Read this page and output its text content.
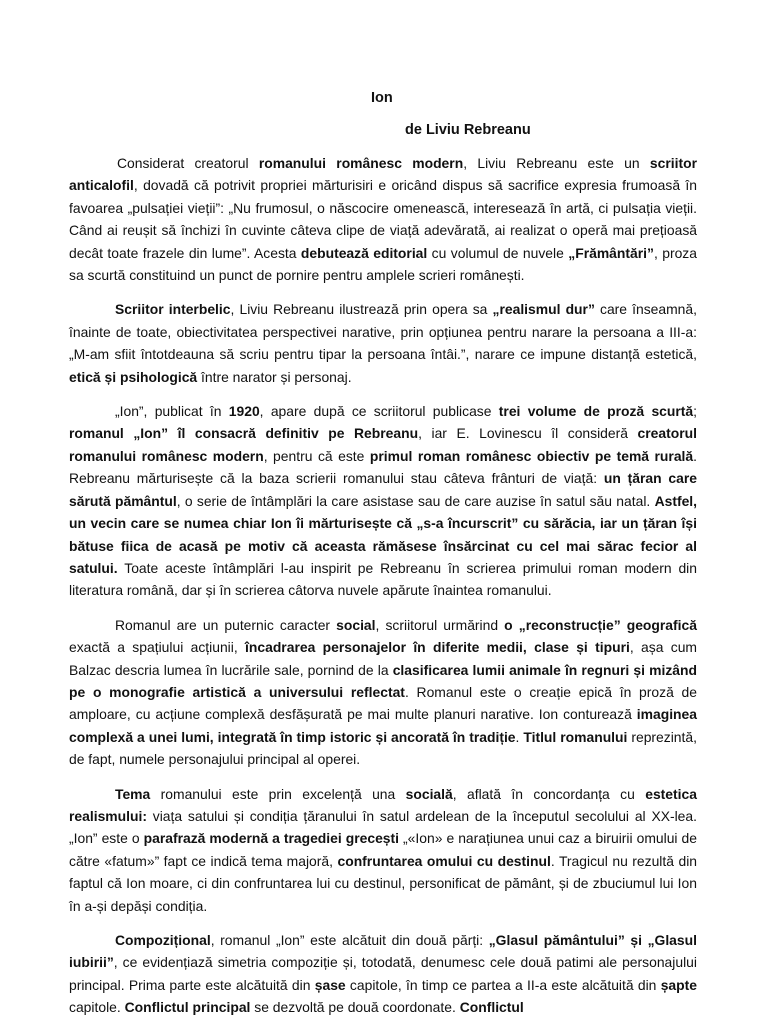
Ion
de Liviu Rebreanu

Considerat creatorul romanului românesc modern, Liviu Rebreanu este un scriitor anticalofil, dovadă că potrivit propriei mărturisiri e oricând dispus să sacrifice expresia frumoasă în favoarea „pulsației vieții”: „Nu frumosul, o născocire omenească, interesează în artă, ci pulsația vieții. Când ai reușit să închizi în cuvinte câteva clipe de viață adevărată, ai realizat o operă mai prețioasă decât toate frazele din lume”. Acesta debutează editorial cu volumul de nuvele „Frământări”, proza sa scurtă constituind un punct de pornire pentru amplele scrieri românești.

Scriitor interbelic, Liviu Rebreanu ilustrează prin opera sa „realismul dur” care înseamnă, înainte de toate, obiectivitatea perspectivei narative, prin opțiunea pentru narare la persoana a III-a: „M-am sfiit întotdeauna să scriu pentru tipar la persoana întâi.”, narare ce impune distanță estetică, etică și psihologică între narator și personaj.

„Ion”, publicat în 1920, apare după ce scriitorul publicase trei volume de proză scurtă; romanul „Ion” îl consacră definitiv pe Rebreanu, iar E. Lovinescu îl consideră creatorul romanului românesc modern, pentru că este primul roman românesc obiectiv pe temă rurală. Rebreanu mărturisește că la baza scrierii romanului stau câteva frânturi de viață: un țăran care sărută pământul, o serie de întâmplări la care asistase sau de care auzise în satul său natal. Astfel, un vecin care se numea chiar Ion îi mărturisește că „s-a încurscrit” cu sărăcia, iar un țăran își bătuse fiica de acasă pe motiv că aceasta rămăsese însărcinat cu cel mai sărac fecior al satului. Toate aceste întâmplări l-au inspirit pe Rebreanu în scrierea primului roman modern din literatura română, dar și în scrierea câtorva nuvele apărute înaintea romanului.

Romanul are un puternic caracter social, scriitorul urmărind o „reconstrucție” geografică exactă a spațiului acțiunii, încadrarea personajelor în diferite medii, clase și tipuri, așa cum Balzac descria lumea în lucrările sale, pornind de la clasificarea lumii animale în regnuri și mizând pe o monografie artistică a universului reflectat. Romanul este o creație epică în proză de amploare, cu acțiune complexă desfășurată pe mai multe planuri narative. Ion conturează imaginea complexă a unei lumi, integrată în timp istoric și ancorată în tradiție. Titlul romanului reprezintă, de fapt, numele personajului principal al operei.

Tema romanului este prin excelență una socială, aflată în concordanța cu estetica realismului: viața satului și condiția țăranului în satul ardelean de la începutul secolului al XX-lea. „Ion” este o parafrază modernă a tragediei grecești „«Ion» e narațiunea unui caz a biruirii omului de către «fatum»” fapt ce indică tema majoră, confruntarea omului cu destinul. Tragicul nu rezultă din faptul că Ion moare, ci din confruntarea lui cu destinul, personificat de pământ, și de zbuciumul lui Ion în a-și depăși condiția.

Compozițional, romanul „Ion” este alcătuit din două părți: „Glasul pământului” și „Glasul iubirii”, ce evidențiază simetria compoziție și, totodată, denumesc cele două patimi ale personajului principal. Prima parte este alcătuită din șase capitole, în timp ce partea a II-a este alcătuită din șapte capitole. Conflictul principal se dezvoltă pe două coordonate. Conflictul
